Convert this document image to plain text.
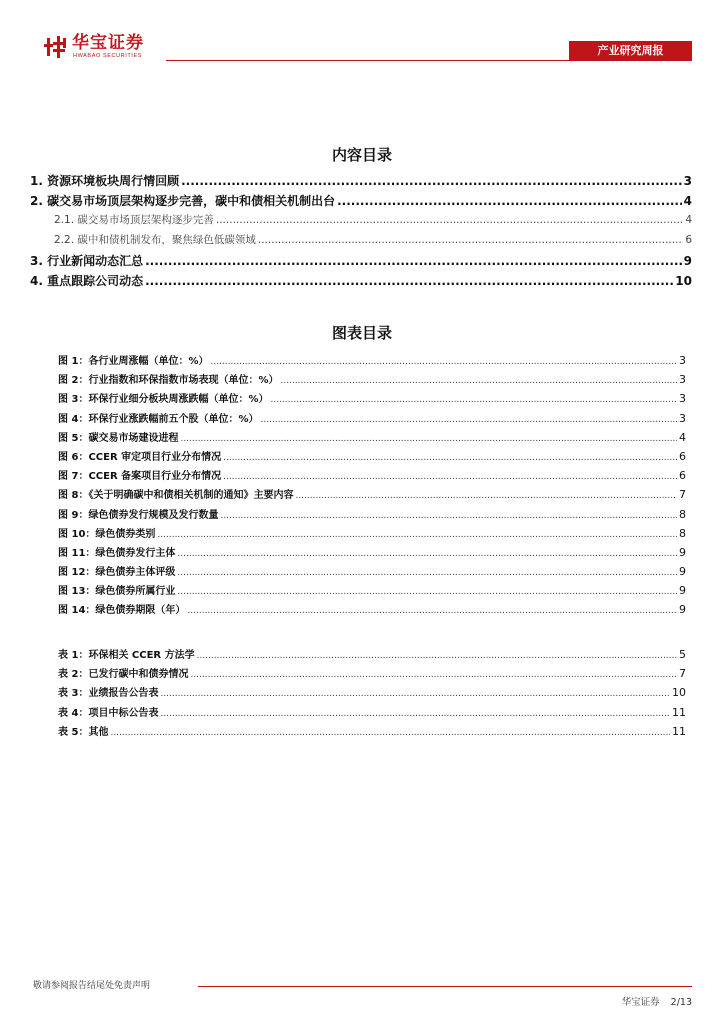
华宝证券
HWABAO SECURITIES	产业研究周报
内容目录
1. 资源环境板块周行情回顾 .....	3
2. 碳交易市场顶层架构逐步完善，碳中和债相关机制出台 .....	4
2.1. 碳交易市场顶层架构逐步完善 .....	4
2.2. 碳中和债机制发布，聚焦绿色低碳领域 .....	6
3. 行业新闻动态汇总 .....	9
4. 重点跟踪公司动态 .....	10
图表目录
图 1：各行业周涨幅（单位：%） .....	3
图 2：行业指数和环保指数市场表现（单位：%） .....	3
图 3：环保行业细分板块周涨跌幅（单位：%） .....	3
图 4：环保行业涨跌幅前五个股（单位：%） .....	3
图 5：碳交易市场建设进程 .....	4
图 6：CCER 审定项目行业分布情况 .....	6
图 7：CCER 备案项目行业分布情况 .....	6
图 8：《关于明确碳中和债相关机制的通知》主要内容 .....	7
图 9：绿色债券发行规模及发行数量 .....	8
图 10：绿色债券类别 .....	8
图 11：绿色债券发行主体 .....	9
图 12：绿色债券主体评级 .....	9
图 13：绿色债券所属行业 .....	9
图 14：绿色债券期限（年） .....	9
表 1：环保相关 CCER 方法学 .....	5
表 2：已发行碳中和债券情况 .....	7
表 3：业绩报告公告表 .....	10
表 4：项目中标公告表 .....	11
表 5：其他 .....	11
敬请参阅报告结尾处免责声明
华宝证券 2/13
